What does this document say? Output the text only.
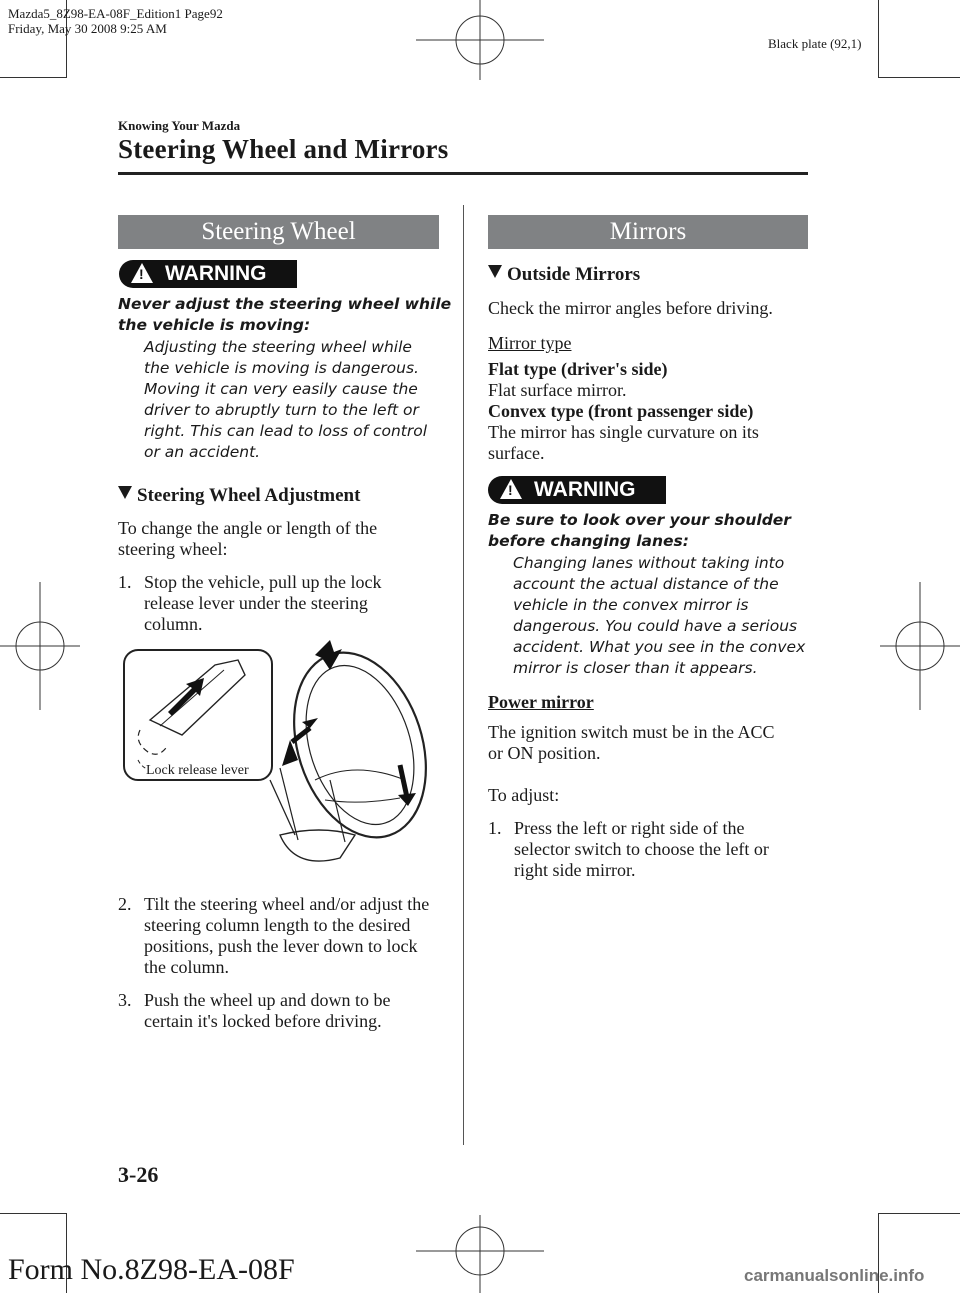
Mazda5_8Z98-EA-08F_Edition1 Page92
Friday, May 30 2008 9:25 AM
Black plate (92,1)
Knowing Your Mazda
Steering Wheel and Mirrors
Steering Wheel
!
WARNING
Never adjust the steering wheel while
the vehicle is moving:
Adjusting the steering wheel while
the vehicle is moving is dangerous.
Moving it can very easily cause the
driver to abruptly turn to the left or
right. This can lead to loss of control
or an accident.
Steering Wheel Adjustment
To change the angle or length of the
steering wheel:
1. Stop the vehicle, pull up the lock
release lever under the steering
column.
Lock release lever
2. Tilt the steering wheel and/or adjust the
steering column length to the desired
positions, push the lever down to lock
the column.
3. Push the wheel up and down to be
certain it's locked before driving.
Mirrors
Outside Mirrors
Check the mirror angles before driving.
Mirror type
Flat type (driver's side)
Flat surface mirror.
Convex type (front passenger side)
The mirror has single curvature on its
surface.
!
WARNING
Be sure to look over your shoulder
before changing lanes:
Changing lanes without taking into
account the actual distance of the
vehicle in the convex mirror is
dangerous. You could have a serious
accident. What you see in the convex
mirror is closer than it appears.
Power mirror
The ignition switch must be in the ACC
or ON position.
To adjust:
1. Press the left or right side of the
selector switch to choose the left or
right side mirror.
3-26
Form No.8Z98-EA-08F	carmanualsonline.info
